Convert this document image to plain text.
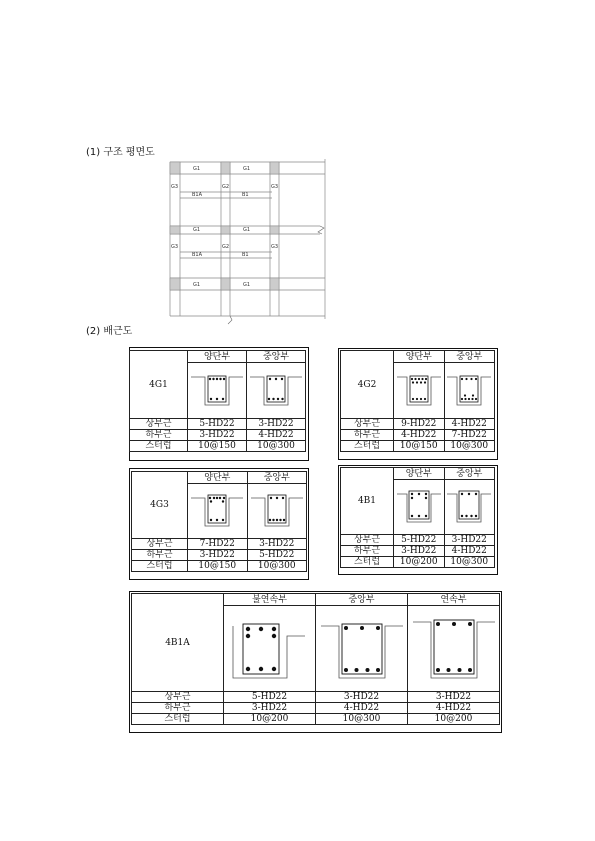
(1) 구조 평면도
G1	G1
G3	G2	G3
B1A	B1
G1	G1
G3	G2	G3
B1A	B1
G1	G1
(2) 배근도
4G1	양단부	중앙부

상부근	5-HD22	3-HD22
하부근	3-HD22	4-HD22
스터럽	10@150	10@300
4G2	양단부	중앙부

상부근	9-HD22	4-HD22
하부근	4-HD22	7-HD22
스터럽	10@150	10@300
4G3	양단부	중앙부

상부근	7-HD22	3-HD22
하부근	3-HD22	5-HD22
스터럽	10@150	10@300
4B1	양단부	중앙부

상부근	5-HD22	3-HD22
하부근	3-HD22	4-HD22
스터럽	10@200	10@300
4B1A	불연속부	중앙부	연속부

상부근	5-HD22	3-HD22	3-HD22
하부근	3-HD22	4-HD22	4-HD22
스터럽	10@200	10@300	10@200
